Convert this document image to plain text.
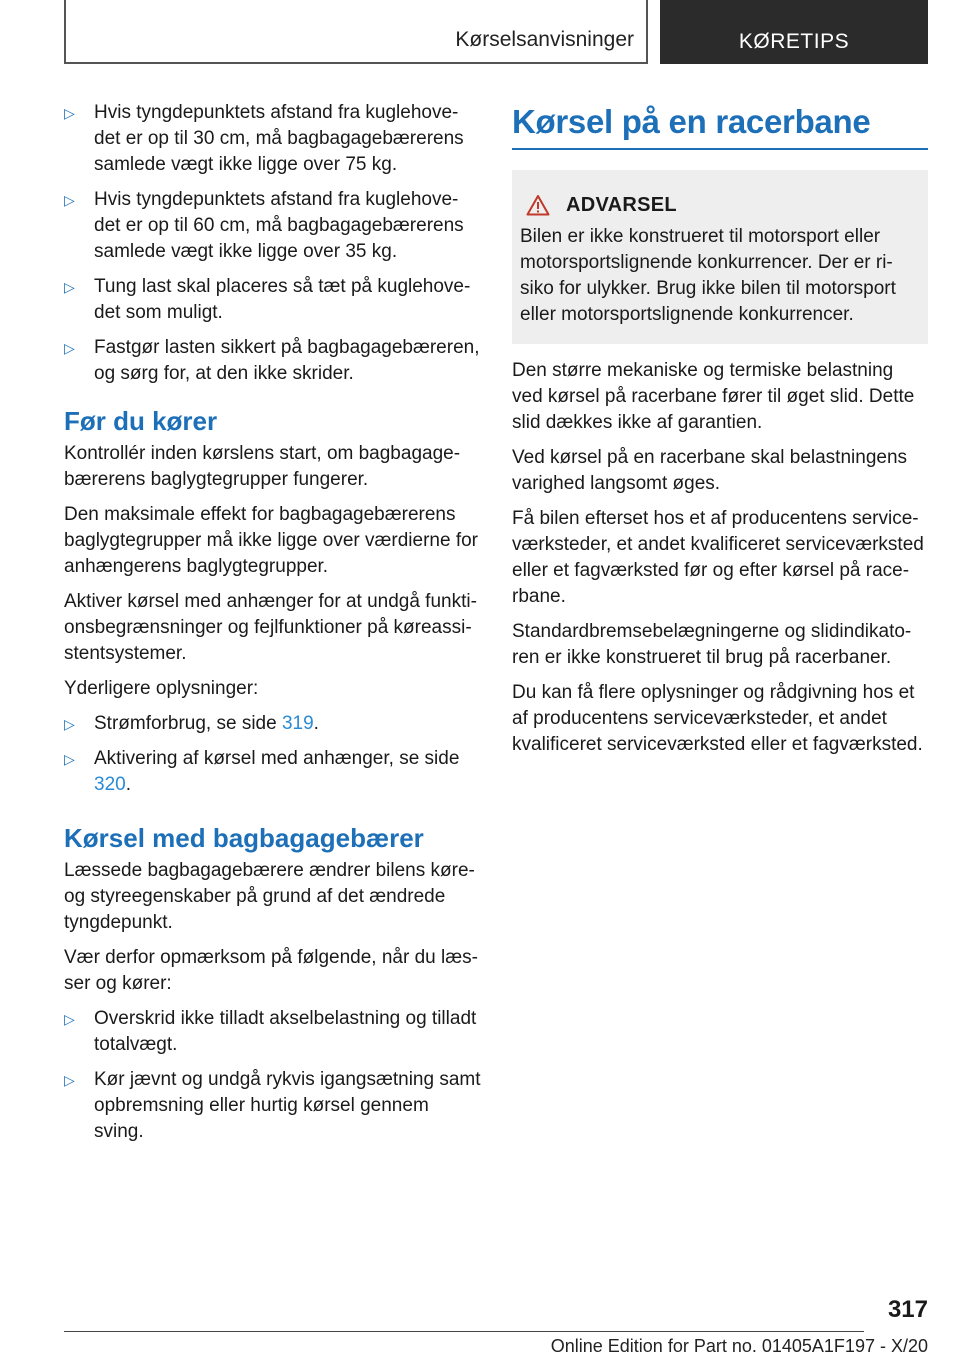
Kørselsanvisninger	KØRETIPS
▷ Hvis tyngdepunktets afstand fra kuglehove-det er op til 30 cm, må bagbagagebærerens samlede vægt ikke ligge over 75 kg.
▷ Hvis tyngdepunktets afstand fra kuglehove-det er op til 60 cm, må bagbagagebærerens samlede vægt ikke ligge over 35 kg.
▷ Tung last skal placeres så tæt på kuglehove-det som muligt.
▷ Fastgør lasten sikkert på bagbagagebæreren, og sørg for, at den ikke skrider.
Før du kører

Kontrollér inden kørslens start, om bagbagage-bærerens baglygtegrupper fungerer.

Den maksimale effekt for bagbagagebærerens baglygtegrupper må ikke ligge over værdierne for anhængerens baglygtegrupper.

Aktiver kørsel med anhænger for at undgå funkti-onsbegrænsninger og fejlfunktioner på køreassi-stentsystemer.

Yderligere oplysninger:

▷ Strømforbrug, se side 319.
▷ Aktivering af kørsel med anhænger, se side 320.
Kørsel med bagbagagebærer

Læssede bagbagagebærere ændrer bilens køre- og styreegenskaber på grund af det ændrede tyngdepunkt.

Vær derfor opmærksom på følgende, når du læs-ser og kører:

▷ Overskrid ikke tilladt akselbelastning og tilladt totalvægt.
▷ Kør jævnt og undgå rykvis igangsætning samt opbremsning eller hurtig kørsel gennem sving.
Kørsel på en racerbane
ADVARSEL

Bilen er ikke konstrueret til motorsport eller motorsportslignende konkurrencer. Der er ri-siko for ulykker. Brug ikke bilen til motorsport eller motorsportslignende konkurrencer.

Den større mekaniske og termiske belastning ved kørsel på racerbane fører til øget slid. Dette slid dækkes ikke af garantien.

Ved kørsel på en racerbane skal belastningens varighed langsomt øges.

Få bilen efterset hos et af producentens service-værksteder, et andet kvalificeret serviceværksted eller et fagværksted før og efter kørsel på race-rbane.

Standardbremsebelægningerne og slidindikato-ren er ikke konstrueret til brug på racerbaner.

Du kan få flere oplysninger og rådgivning hos et af producentens serviceværksteder, et andet kvalificeret serviceværksted eller et fagværksted.

317
Online Edition for Part no. 01405A1F197 - X/20
